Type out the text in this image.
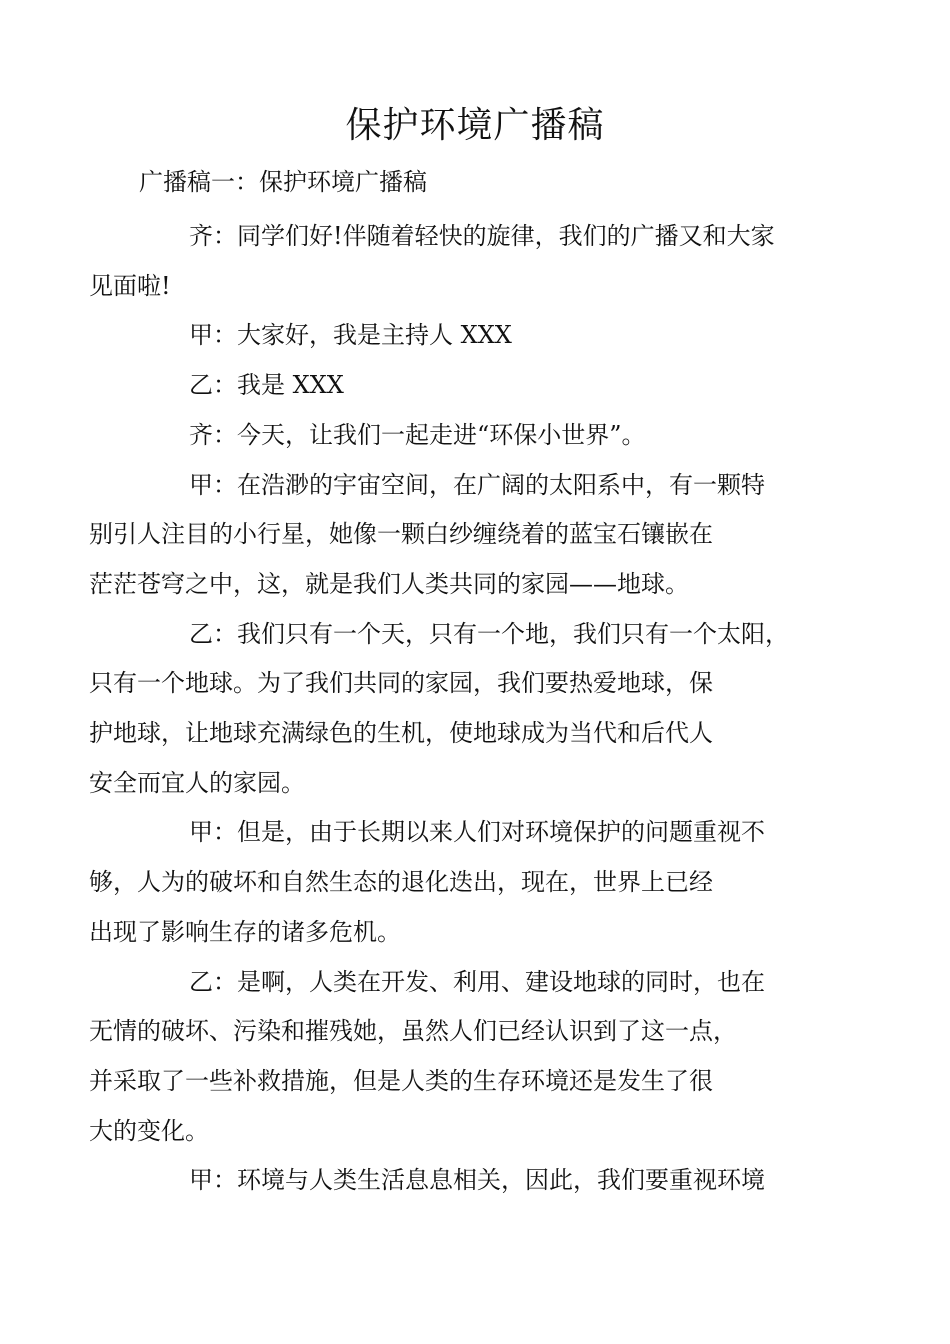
保护环境广播稿
广播稿一：保护环境广播稿

齐：同学们好!伴随着轻快的旋律，我们的广播又和大家
见面啦!

甲：大家好，我是主持人 XXX

乙：我是 XXX

齐：今天，让我们一起走进“环保小世界”。

甲：在浩渺的宇宙空间，在广阔的太阳系中，有一颗特
别引人注目的小行星，她像一颗白纱缠绕着的蓝宝石镶嵌在
茫茫苍穹之中，这，就是我们人类共同的家园——地球。

乙：我们只有一个天，只有一个地，我们只有一个太阳，
只有一个地球。为了我们共同的家园，我们要热爱地球，保
护地球，让地球充满绿色的生机，使地球成为当代和后代人
安全而宜人的家园。

甲：但是，由于长期以来人们对环境保护的问题重视不
够，人为的破坏和自然生态的退化迭出，现在，世界上已经
出现了影响生存的诸多危机。

乙：是啊，人类在开发、利用、建设地球的同时，也在
无情的破坏、污染和摧残她，虽然人们已经认识到了这一点，
并采取了一些补救措施，但是人类的生存环境还是发生了很
大的变化。

甲：环境与人类生活息息相关，因此，我们要重视环境
